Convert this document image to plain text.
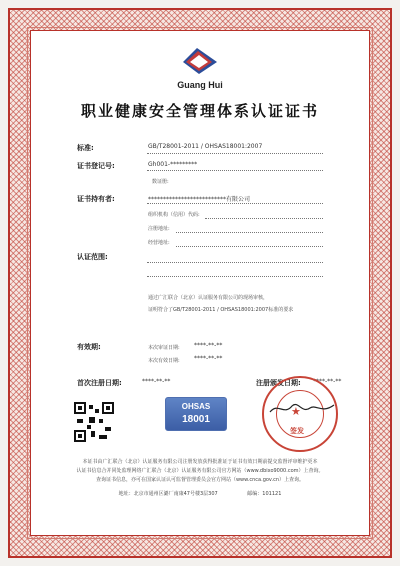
Guang Hui
职业健康安全管理体系认证证书
标准:	GB/T28001-2011 / OHSAS18001:2007
证书登记号:	Gh001-*********
数证册:
证书持有者:	**************************有限公司
组织机构（信用）代码:
注册地址:
经营地址:
认证范围:
通过广汇联合（北京）认证服务有限公司的现场审核，
证明符合了GB/T28001-2011 / OHSAS18001:2007标准的要求
有效期:	本次审证日期: ****-**-**
本次有效日期: ****-**-**
首次注册日期:	****-**-**	注册颁发日期: ****-**-**
OHSAS
18001
★
签发
本证书由广汇联合（北京）认证服务有限公司注册发放获得批准证于证书有效日期前提交监督评审维护更本
认证书信息合并同处监理网络广汇联合（北京）认证服务有限公司官方网站（www.dbixo9000.com）上查询。
查询证书信息，亦可在国家认证认可监督管理委员会官方网站（www.cnca.gov.cn）上查询。
地址：北京市通州区潞厂南康47号楼3层307	邮编：101121
